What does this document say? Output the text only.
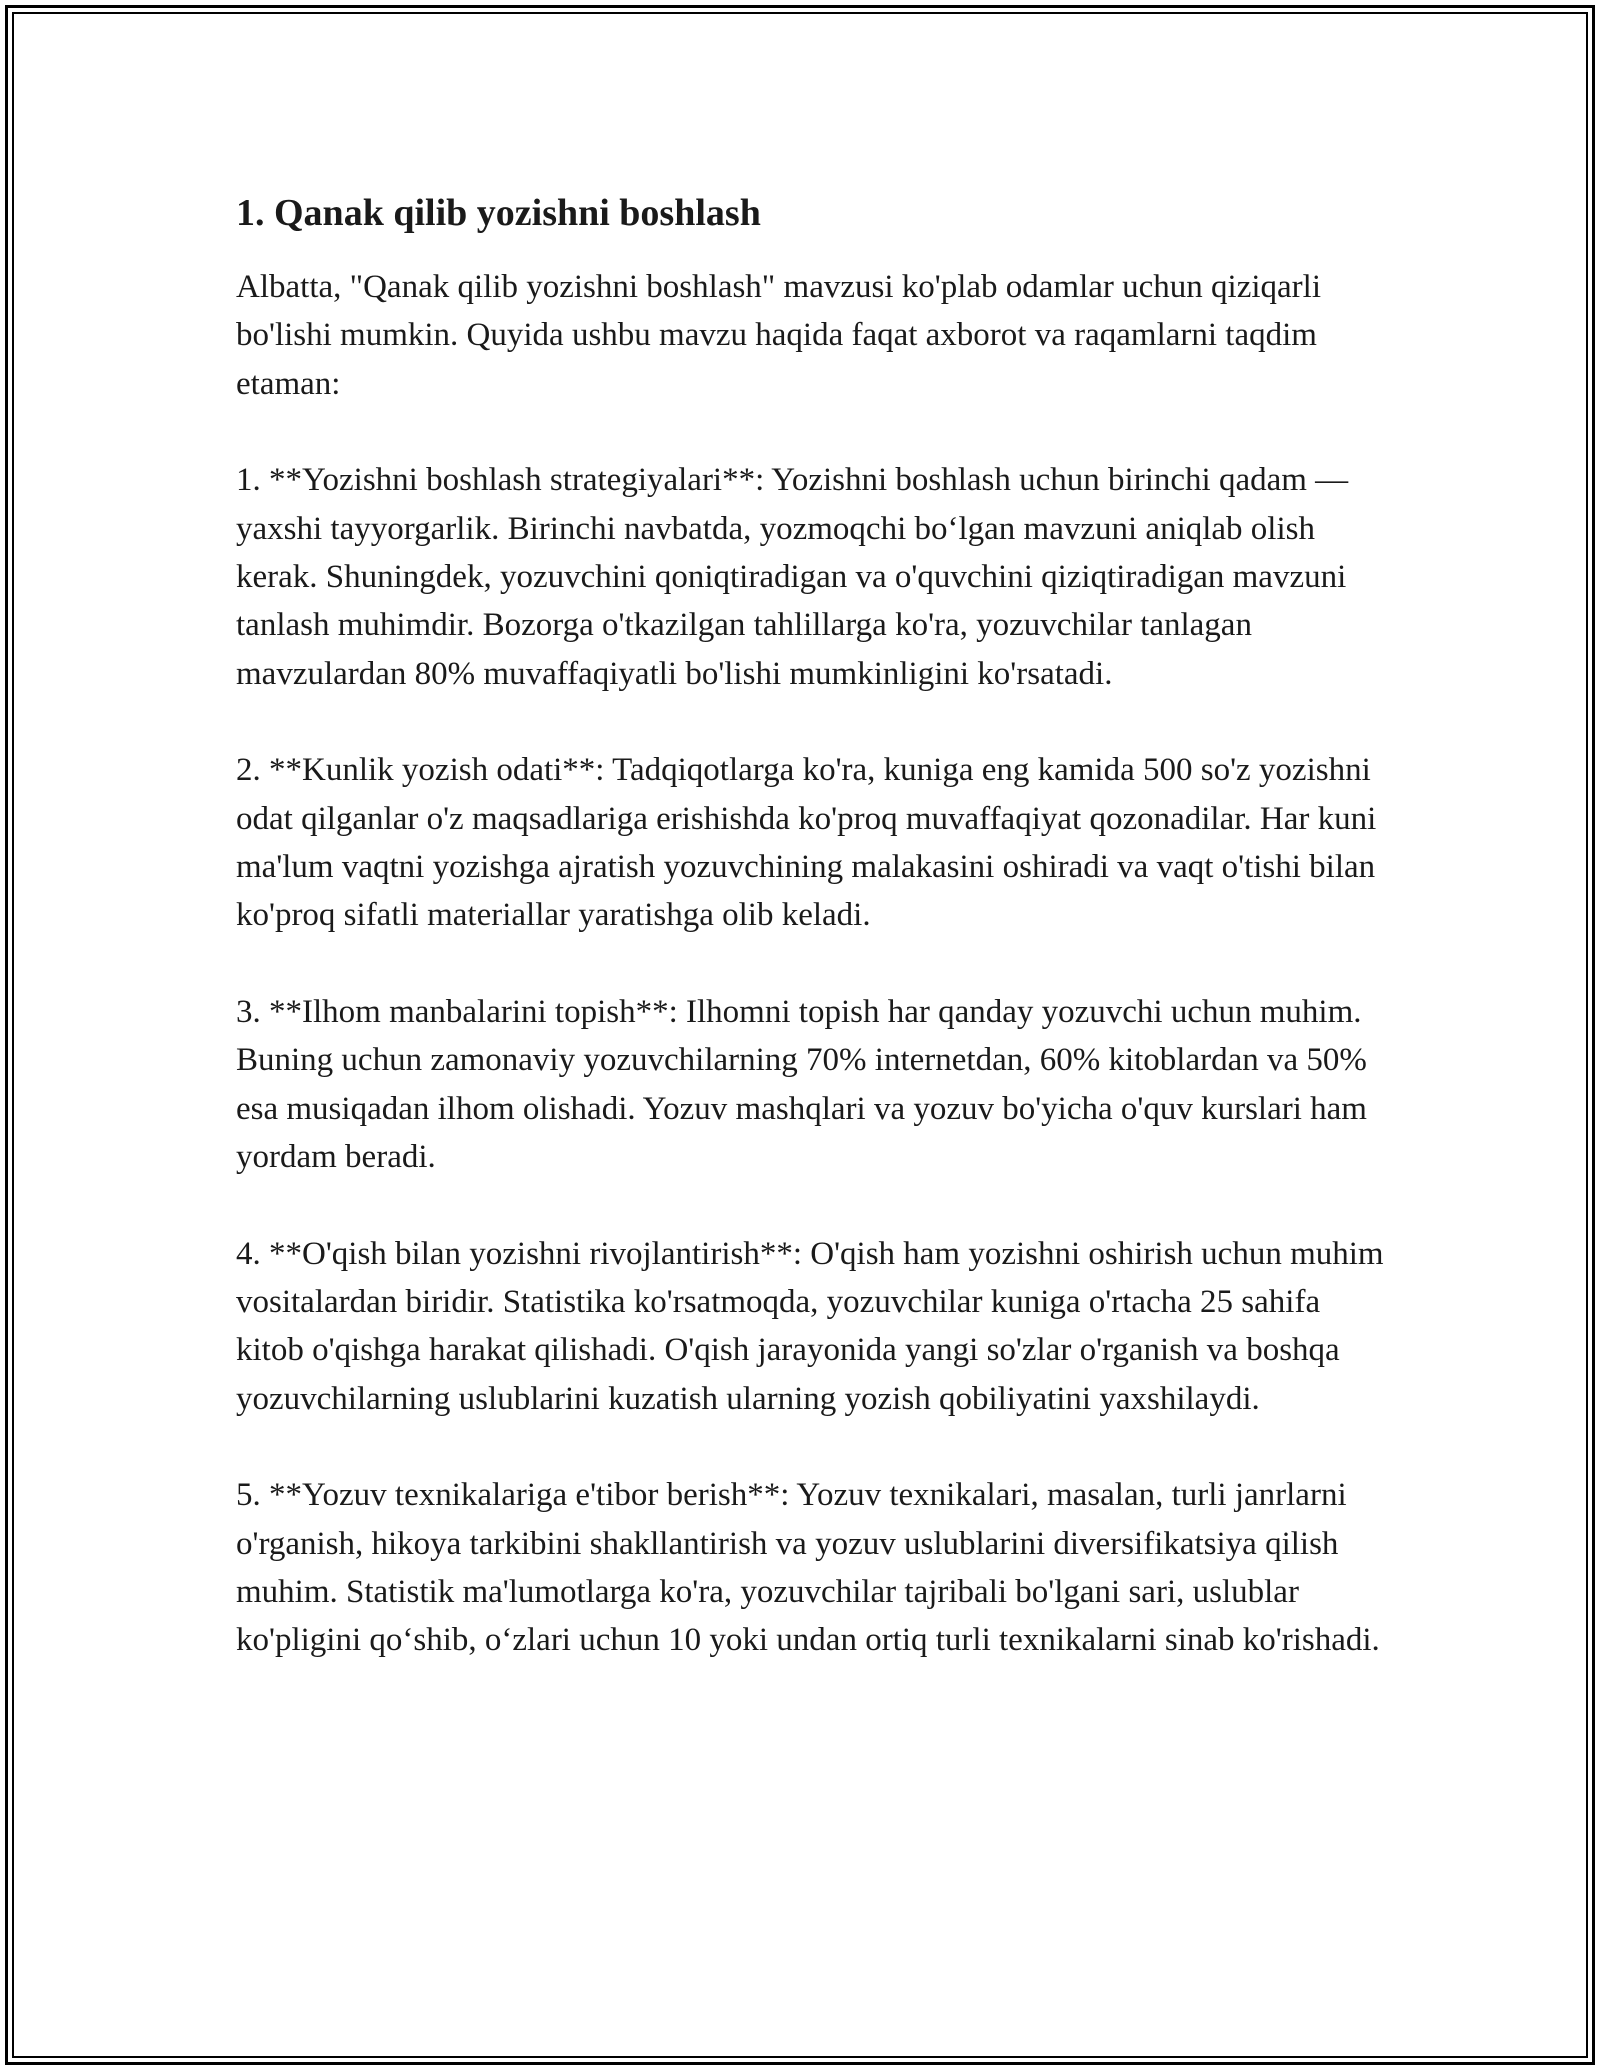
1. Qanak qilib yozishni boshlash

Albatta, "Qanak qilib yozishni boshlash" mavzusi ko'plab odamlar uchun qiziqarli bo'lishi mumkin. Quyida ushbu mavzu haqida faqat axborot va raqamlarni taqdim etaman:

1. **Yozishni boshlash strategiyalari**: Yozishni boshlash uchun birinchi qadam — yaxshi tayyorgarlik. Birinchi navbatda, yozmoqchi bo‘lgan mavzuni aniqlab olish kerak. Shuningdek, yozuvchini qoniqtiradigan va o'quvchini qiziqtiradigan mavzuni tanlash muhimdir. Bozorga o'tkazilgan tahlillarga ko'ra, yozuvchilar tanlagan mavzulardan 80% muvaffaqiyatli bo'lishi mumkinligini ko'rsatadi.

2. **Kunlik yozish odati**: Tadqiqotlarga ko'ra, kuniga eng kamida 500 so'z yozishni odat qilganlar o'z maqsadlariga erishishda ko'proq muvaffaqiyat qozonadilar. Har kuni ma'lum vaqtni yozishga ajratish yozuvchining malakasini oshiradi va vaqt o'tishi bilan ko'proq sifatli materiallar yaratishga olib keladi.

3. **Ilhom manbalarini topish**: Ilhomni topish har qanday yozuvchi uchun muhim. Buning uchun zamonaviy yozuvchilarning 70% internetdan, 60% kitoblardan va 50% esa musiqadan ilhom olishadi. Yozuv mashqlari va yozuv bo'yicha o'quv kurslari ham yordam beradi.

4. **O'qish bilan yozishni rivojlantirish**: O'qish ham yozishni oshirish uchun muhim vositalardan biridir. Statistika ko'rsatmoqda, yozuvchilar kuniga o'rtacha 25 sahifa kitob o'qishga harakat qilishadi. O'qish jarayonida yangi so'zlar o'rganish va boshqa yozuvchilarning uslublarini kuzatish ularning yozish qobiliyatini yaxshilaydi.

5. **Yozuv texnikalariga e'tibor berish**: Yozuv texnikalari, masalan, turli janrlarni o'rganish, hikoya tarkibini shakllantirish va yozuv uslublarini diversifikatsiya qilish muhim. Statistik ma'lumotlarga ko'ra, yozuvchilar tajribali bo'lgani sari, uslublar ko'pligini qo‘shib, o‘zlari uchun 10 yoki undan ortiq turli texnikalarni sinab ko'rishadi.
